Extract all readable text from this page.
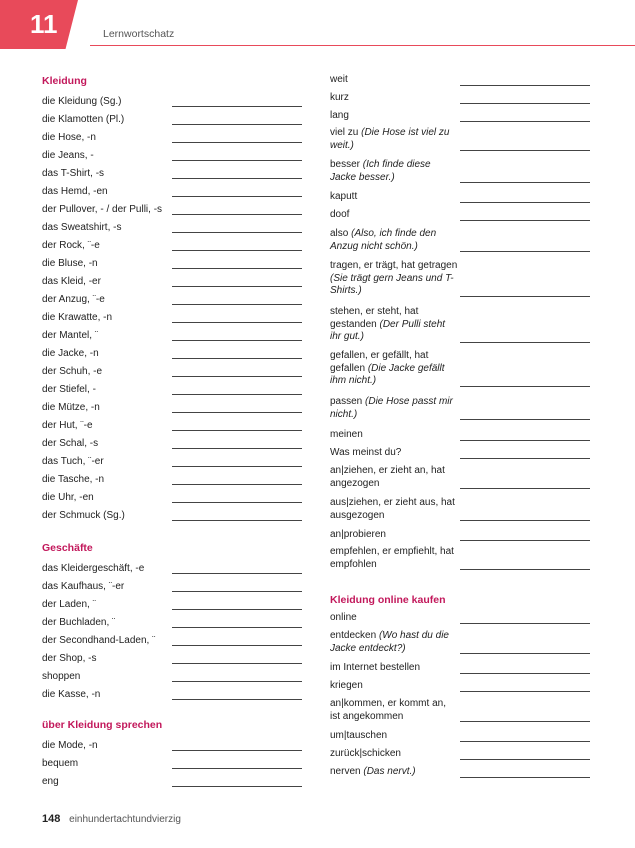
11	Lernwortschatz
Kleidung
die Kleidung (Sg.)
die Klamotten (Pl.)
die Hose, -n
die Jeans, -
das T-Shirt, -s
das Hemd, -en
der Pullover, - / der Pulli, -s
das Sweatshirt, -s
der Rock, ¨-e
die Bluse, -n
das Kleid, -er
der Anzug, ¨-e
die Krawatte, -n
der Mantel, ¨
die Jacke, -n
der Schuh, -e
der Stiefel, -
die Mütze, -n
der Hut, ¨-e
der Schal, -s
das Tuch, ¨-er
die Tasche, -n
die Uhr, -en
der Schmuck (Sg.)
Geschäfte
das Kleidergeschäft, -e
das Kaufhaus, ¨-er
der Laden, ¨
der Buchladen, ¨
der Secondhand-Laden, ¨
der Shop, -s
shoppen
die Kasse, -n
über Kleidung sprechen
die Mode, -n
bequem
eng
weit
kurz
lang
viel zu (Die Hose ist viel zu weit.)
besser (Ich finde diese Jacke besser.)
kaputt
doof
also (Also, ich finde den Anzug nicht schön.)
tragen, er trägt, hat getragen (Sie trägt gern Jeans und T-Shirts.)
stehen, er steht, hat gestanden (Der Pulli steht ihr gut.)
gefallen, er gefällt, hat gefallen (Die Jacke gefällt ihm nicht.)
passen (Die Hose passt mir nicht.)
meinen
Was meinst du?
an|ziehen, er zieht an, hat angezogen
aus|ziehen, er zieht aus, hat ausgezogen
an|probieren
empfehlen, er empfiehlt, hat empfohlen
Kleidung online kaufen
online
entdecken (Wo hast du die Jacke entdeckt?)
im Internet bestellen
kriegen
an|kommen, er kommt an, ist angekommen
um|tauschen
zurück|schicken
nerven (Das nervt.)
148 einhundertachtundvierzig
